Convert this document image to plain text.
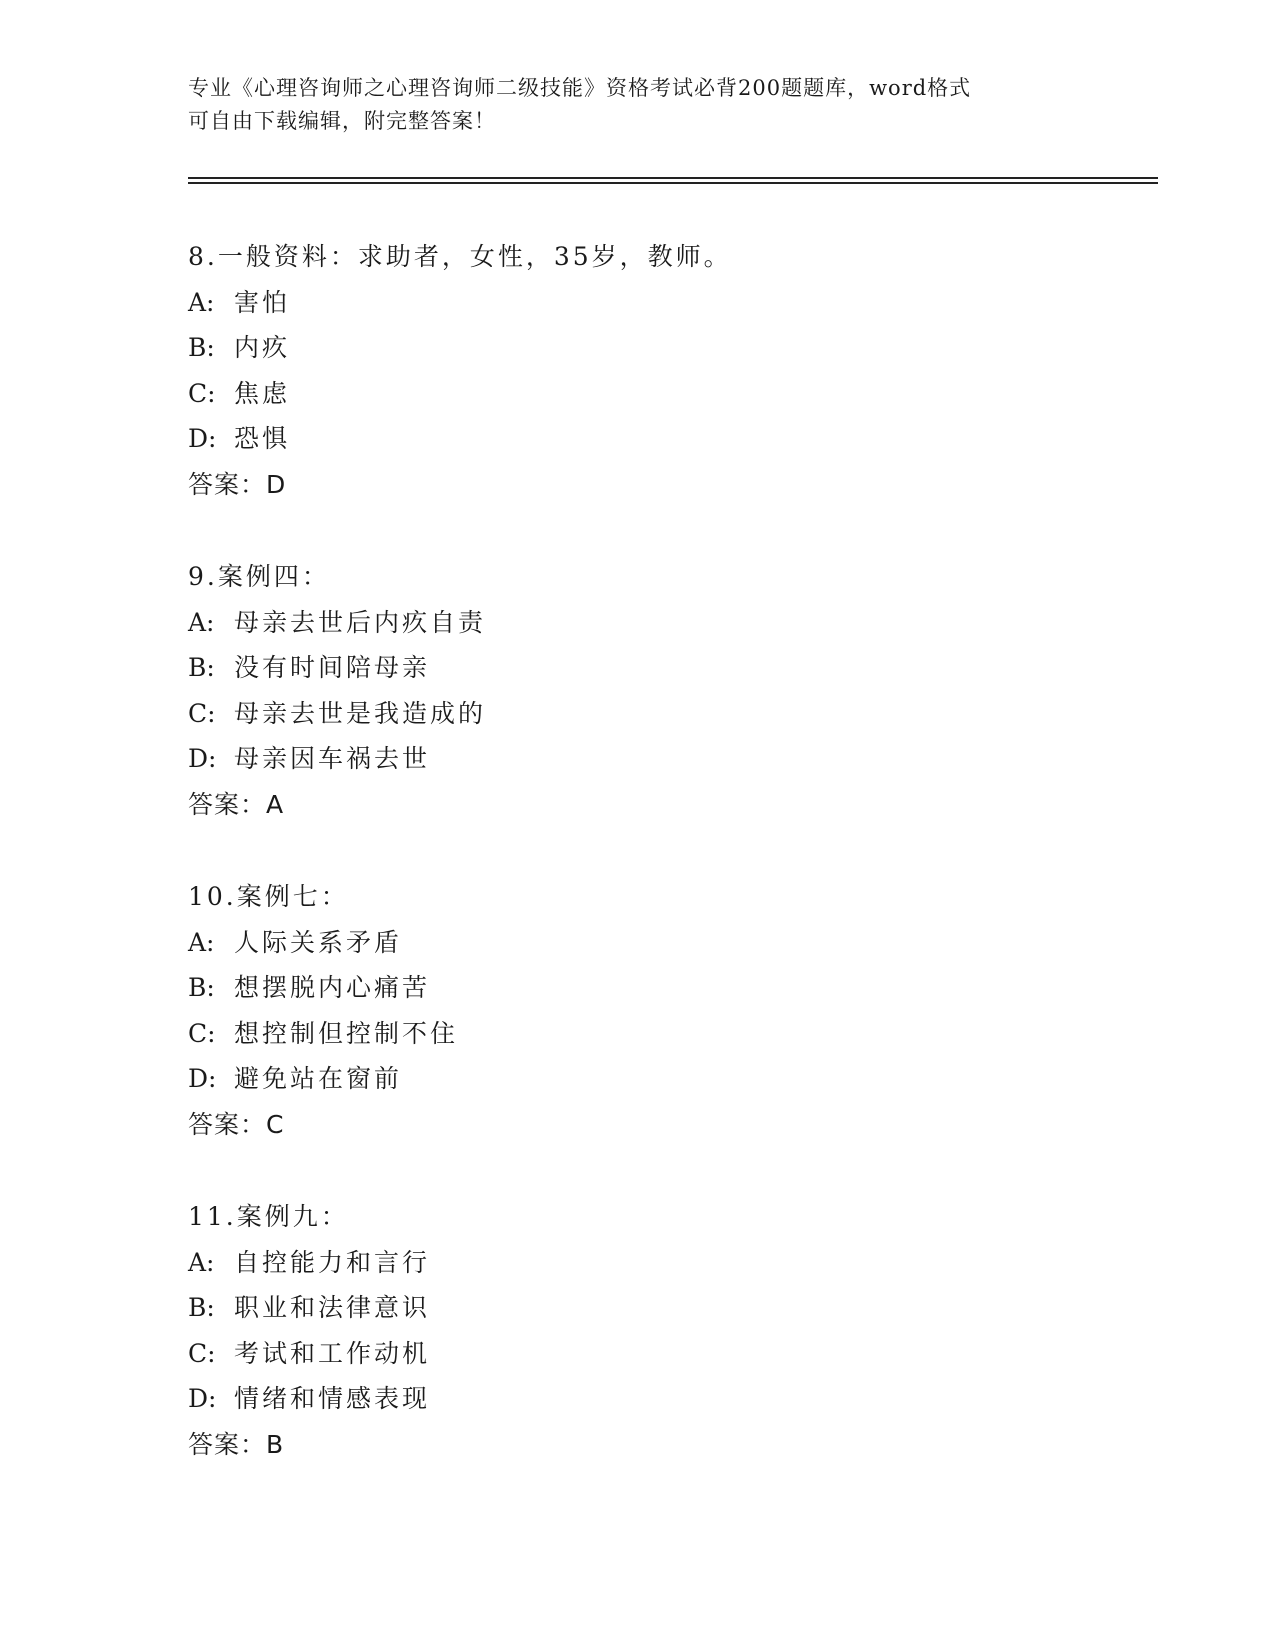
专业《心理咨询师之心理咨询师二级技能》资格考试必背200题题库，word格式
可自由下载编辑，附完整答案！
8.一般资料：求助者，女性，35岁，教师。
A: 害怕
B: 内疚
C: 焦虑
D: 恐惧
答案：D
9.案例四：
A: 母亲去世后内疚自责
B: 没有时间陪母亲
C: 母亲去世是我造成的
D: 母亲因车祸去世
答案：A
10.案例七：
A: 人际关系矛盾
B: 想摆脱内心痛苦
C: 想控制但控制不住
D: 避免站在窗前
答案：C
11.案例九：
A: 自控能力和言行
B: 职业和法律意识
C: 考试和工作动机
D: 情绪和情感表现
答案：B
